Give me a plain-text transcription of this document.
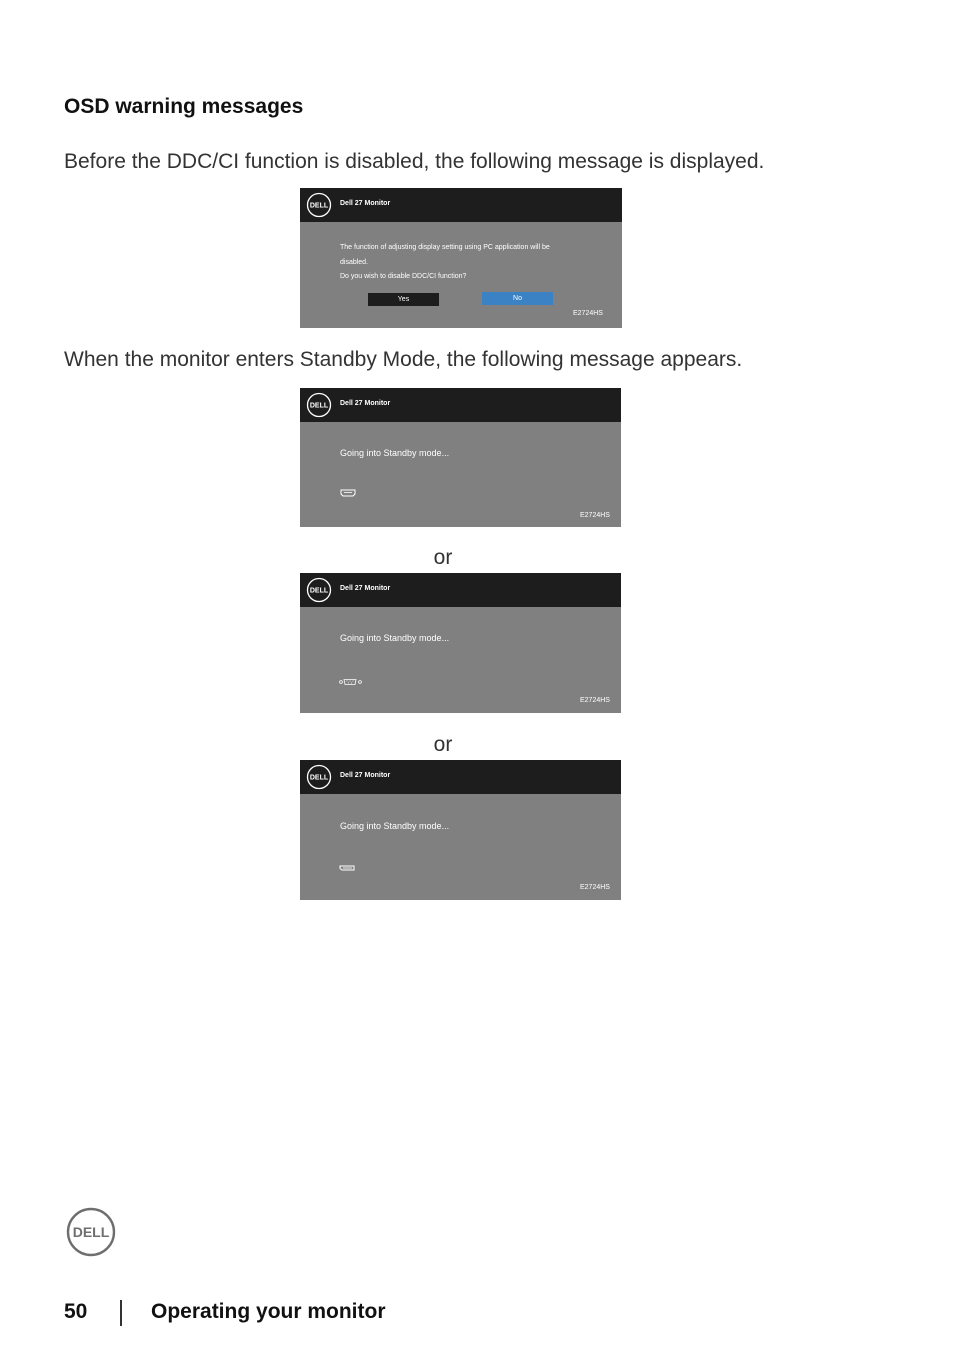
OSD warning messages
Before the DDC/CI function is disabled, the following message is displayed.
DELL Dell 27 Monitor
The function of adjusting display setting using PC application will be
disabled.
Do you wish to disable DDC/CI function?
Yes	No
E2724HS
When the monitor enters Standby Mode, the following message appears.
DELL Dell 27 Monitor
Going into Standby mode...
E2724HS
or
DELL Dell 27 Monitor
Going into Standby mode...
E2724HS
or
DELL Dell 27 Monitor
Going into Standby mode...
E2724HS
DELL
50	Operating your monitor
